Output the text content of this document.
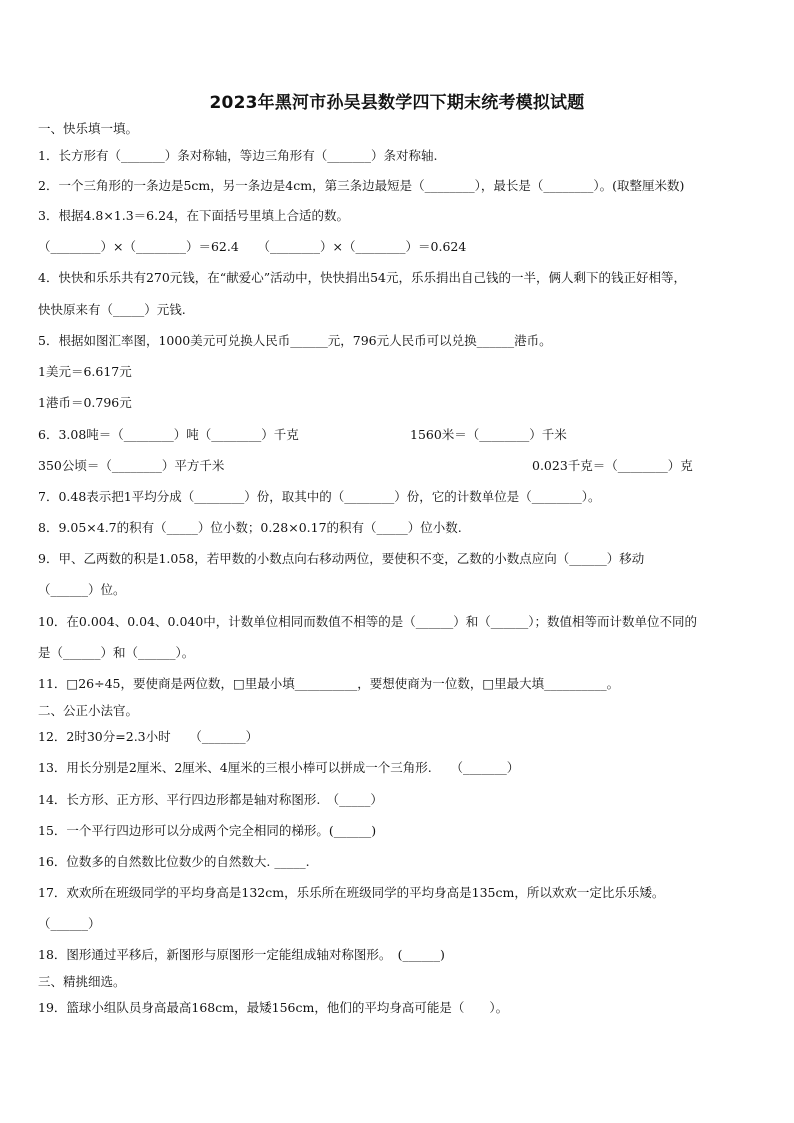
2023年黑河市孙吴县数学四下期末统考模拟试题
一、快乐填一填。
1．长方形有（_______）条对称轴，等边三角形有（_______）条对称轴.
2．一个三角形的一条边是5cm，另一条边是4cm，第三条边最短是（________），最长是（________）。(取整厘米数)
3．根据4.8×1.3＝6.24，在下面括号里填上合适的数。
（________）×（________）＝62.4　　（________）×（________）＝0.624
4．快快和乐乐共有270元钱，在“献爱心”活动中，快快捐出54元，乐乐捐出自己钱的一半，俩人剩下的钱正好相等，
快快原来有（_____）元钱.
5．根据如图汇率图，1000美元可兑换人民币______元，796元人民币可以兑换______港币。
1美元＝6.617元
1港币＝0.796元
6．3.08吨＝（________）吨（________）千克	1560米＝（________）千米
350公顷＝（________）平方千米	0.023千克＝（________）克
7．0.48表示把1平均分成（________）份，取其中的（________）份，它的计数单位是（________）。
8．9.05×4.7的积有（_____）位小数；0.28×0.17的积有（_____）位小数.
9．甲、乙两数的积是1.058，若甲数的小数点向右移动两位，要使积不变，乙数的小数点应向（______）移动
（______）位。
10．在0.004、0.04、0.040中，计数单位相同而数值不相等的是（______）和（______）；数值相等而计数单位不同的
是（______）和（______）。
11．□26÷45，要使商是两位数，□里最小填__________，要想使商为一位数，□里最大填__________。
二、公正小法官。
12．2时30分=2.3小时　　（_______）
13．用长分别是2厘米、2厘米、4厘米的三根小棒可以拼成一个三角形.　　（_______）
14．长方形、正方形、平行四边形都是轴对称图形.　（_____）
15．一个平行四边形可以分成两个完全相同的梯形。(______)
16．位数多的自然数比位数少的自然数大. _____.
17．欢欢所在班级同学的平均身高是132cm，乐乐所在班级同学的平均身高是135cm，所以欢欢一定比乐乐矮。
（______）
18．图形通过平移后，新图形与原图形一定能组成轴对称图形。　(______)
三、精挑细选。
19．篮球小组队员身高最高168cm，最矮156cm，他们的平均身高可能是（　　）。
